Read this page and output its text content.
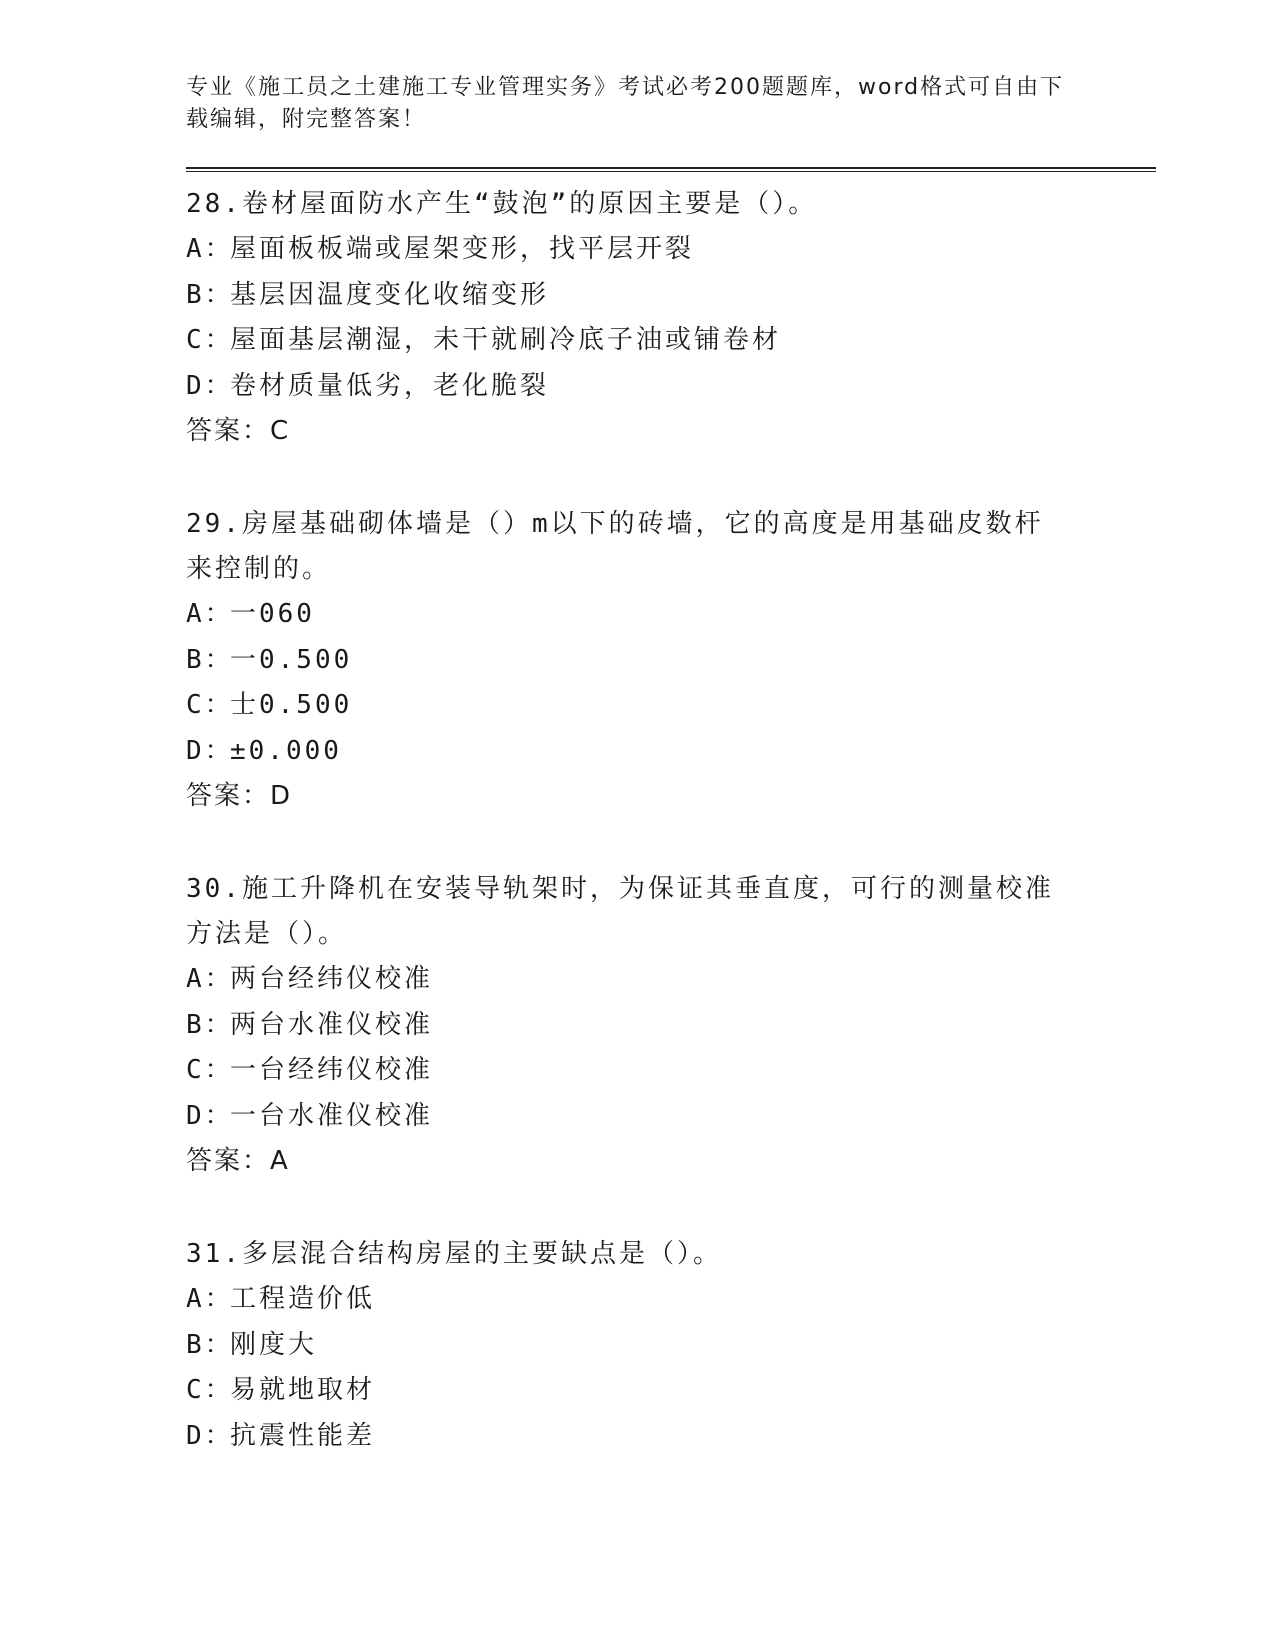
专业《施工员之土建施工专业管理实务》考试必考200题题库，word格式可自由下载编辑，附完整答案！

28.卷材屋面防水产生“鼓泡”的原因主要是（）。

A：屋面板板端或屋架变形，找平层开裂

B：基层因温度变化收缩变形

C：屋面基层潮湿，未干就刷冷底子油或铺卷材

D：卷材质量低劣，老化脆裂

答案：C

29.房屋基础砌体墙是（）m以下的砖墙，它的高度是用基础皮数杆来控制的。

A：一060

B：一0.500

C：士0.500

D：±0.000

答案：D

30.施工升降机在安装导轨架时，为保证其垂直度，可行的测量校准方法是（）。

A：两台经纬仪校准

B：两台水准仪校准

C：一台经纬仪校准

D：一台水准仪校准

答案：A

31.多层混合结构房屋的主要缺点是（）。

A：工程造价低

B：刚度大

C：易就地取材

D：抗震性能差
